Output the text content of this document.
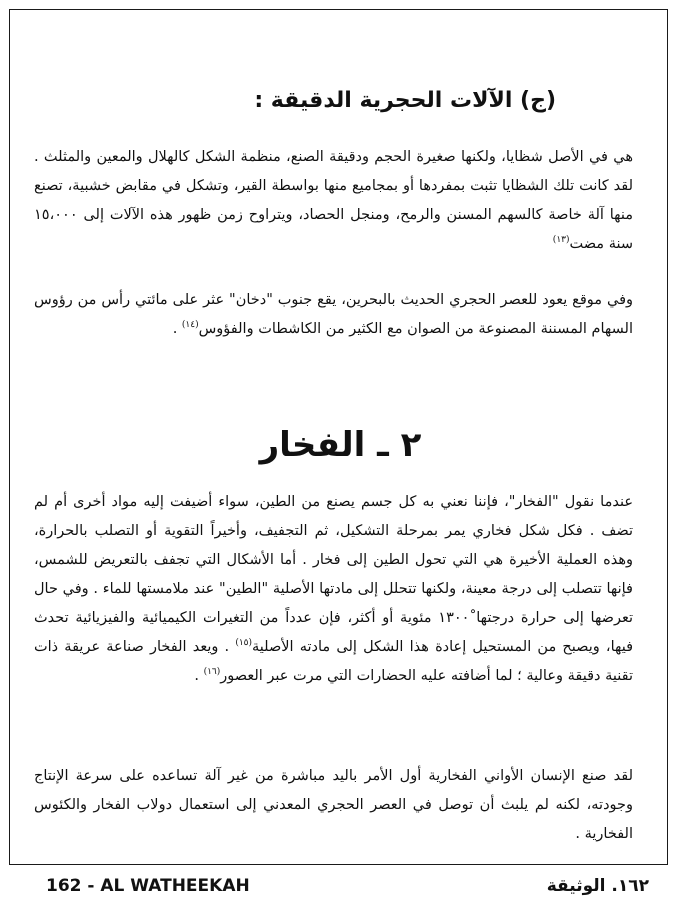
(ج) الآلات الحجرية الدقيقة :

هي في الأصل شظايا، ولكنها صغيرة الحجم ودقيقة الصنع، منظمة الشكل كالهلال والمعين والمثلث . لقد كانت تلك الشظايا تثبت بمفردها أو بمجاميع منها بواسطة القير، وتشكل في مقابض خشبية، تصنع منها آلة خاصة كالسهم المسنن والرمح، ومنجل الحصاد، ويتراوح زمن ظهور هذه الآلات إلى ١٥،٠٠٠ سنة مضت$^{(١٣)}$

وفي موقع يعود للعصر الحجري الحديث بالبحرين، يقع جنوب "دخان" عثر على مائتي رأس من رؤوس السهام المسننة المصنوعة من الصوان مع الكثير من الكاشطات والفؤوس$^{(١٤)}$ .

٢ ـ الفخار

عندما نقول "الفخار"، فإننا نعني به كل جسم يصنع من الطين، سواء أضيفت إليه مواد أخرى أم لم تضف . فكل شكل فخاري يمر بمرحلة التشكيل، ثم التجفيف، وأخيراً التقوية أو التصلب بالحرارة، وهذه العملية الأخيرة هي التي تحول الطين إلى فخار . أما الأشكال التي تجفف بالتعريض للشمس، فإنها تتصلب إلى درجة معينة، ولكنها تتحلل إلى مادتها الأصلية "الطين" عند ملامستها للماء . وفي حال تعرضها إلى حرارة درجتها ١٣٠٠ْ مئوية أو أكثر، فإن عدداً من التغيرات الكيميائية والفيزيائية تحدث فيها، ويصبح من المستحيل إعادة هذا الشكل إلى مادته الأصلية$^{(١٥)}$ . ويعد الفخار صناعة عريقة ذات تقنية دقيقة وعالية ؛ لما أضافته عليه الحضارات التي مرت عبر العصور$^{(١٦)}$ .

لقد صنع الإنسان الأواني الفخارية أول الأمر باليد مباشرة من غير آلة تساعده على سرعة الإنتاج وجودته، لكنه لم يلبث أن توصل في العصر الحجري المعدني إلى استعمال دولاب الفخار والكئوس الفخارية .

162 - AL WATHEEKAH	١٦٢. الوثيقة
